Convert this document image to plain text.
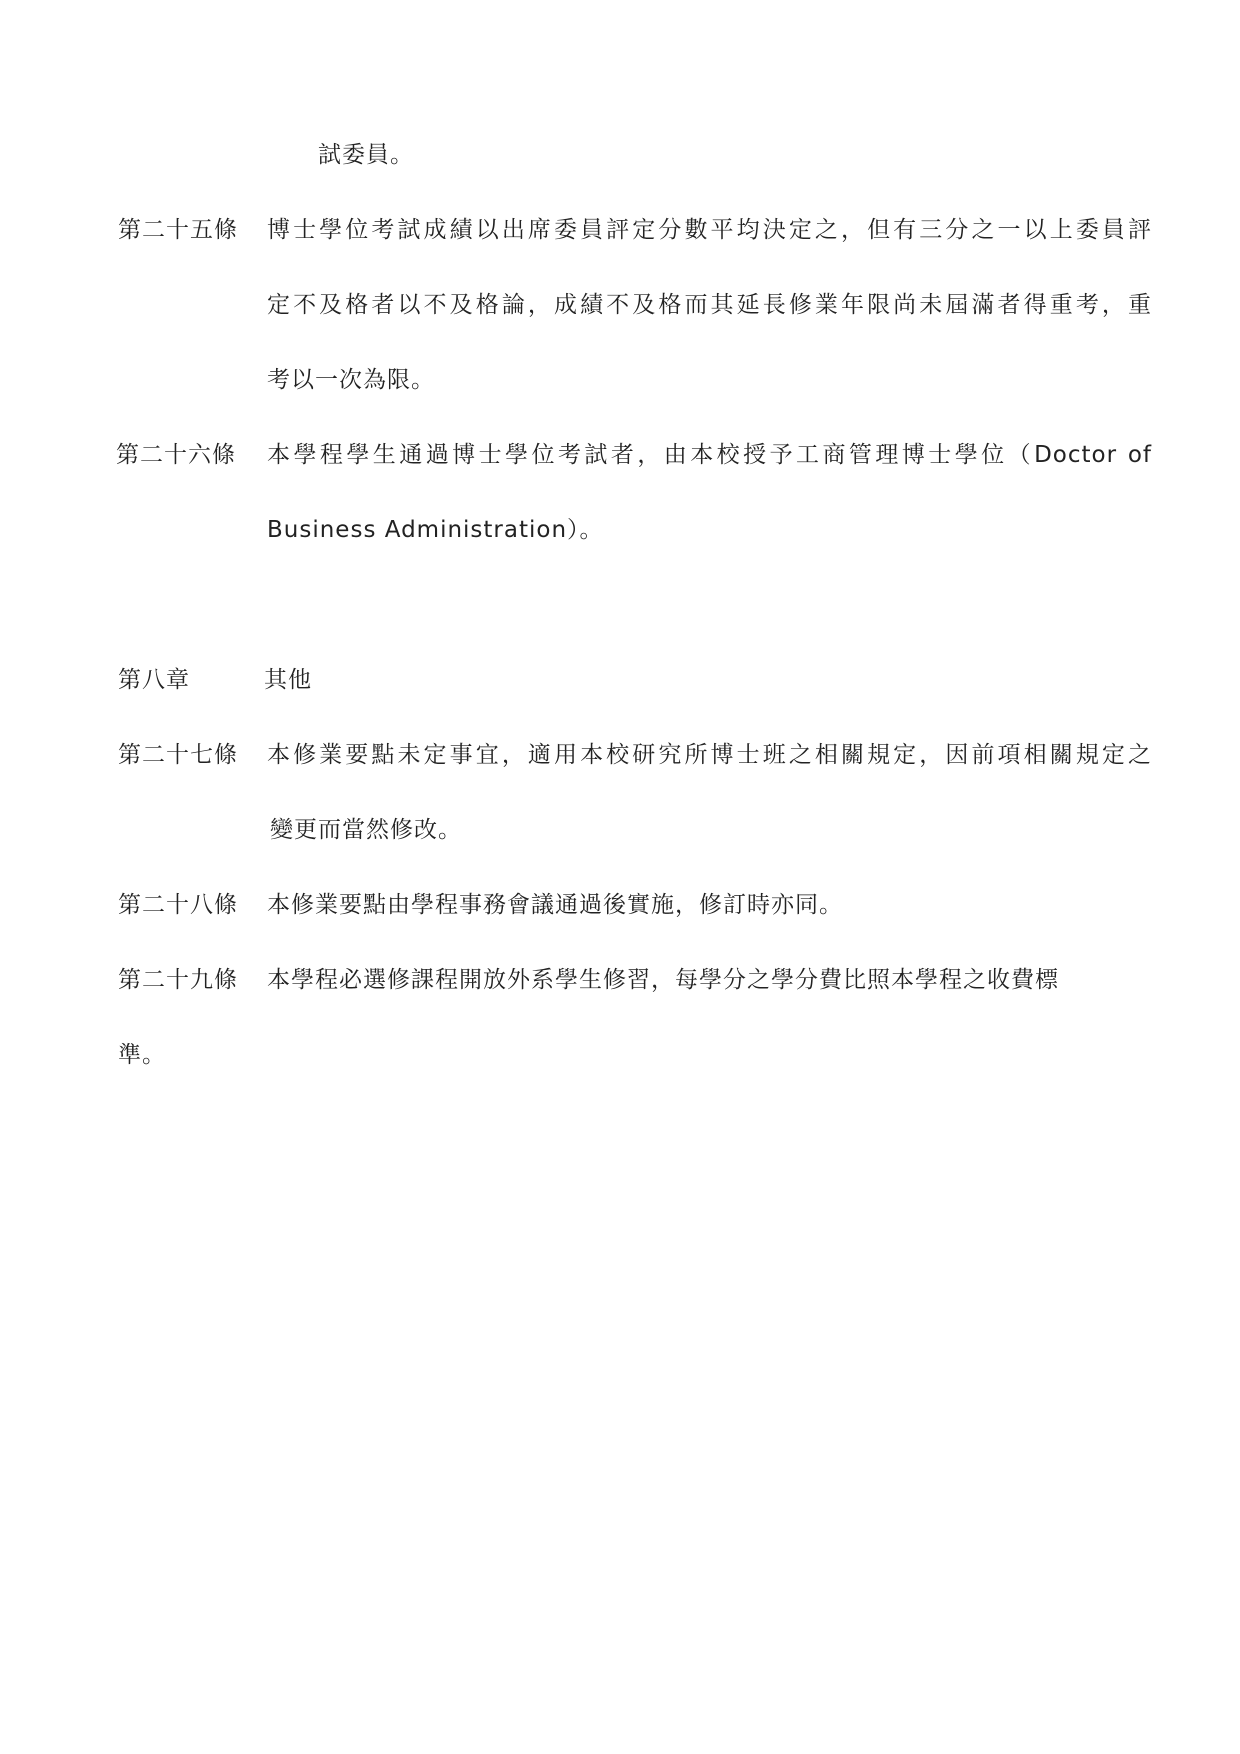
試委員。
第二十五條 博士學位考試成績以出席委員評定分數平均決定之，但有三分之一以上委員評
定不及格者以不及格論，成績不及格而其延長修業年限尚未屆滿者得重考，重
考以一次為限。
第二十六條 本學程學生通過博士學位考試者，由本校授予工商管理博士學位（Doctor of
Business Administration）。
第八章	其他
第二十七條 本修業要點未定事宜，適用本校研究所博士班之相關規定，因前項相關規定之
變更而當然修改。
第二十八條 本修業要點由學程事務會議通過後實施，修訂時亦同。
第二十九條 本學程必選修課程開放外系學生修習，每學分之學分費比照本學程之收費標
準。
